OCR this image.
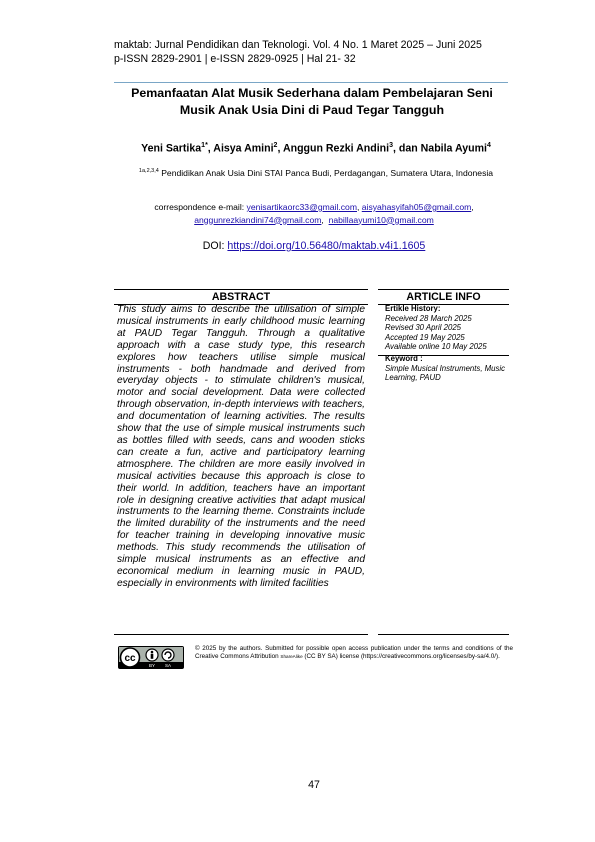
maktab: Jurnal Pendidikan dan Teknologi. Vol. 4 No. 1 Maret 2025 – Juni 2025
p-ISSN 2829-2901 | e-ISSN 2829-0925 | Hal 21- 32
Pemanfaatan Alat Musik Sederhana dalam Pembelajaran Seni
Musik Anak Usia Dini di Paud Tegar Tangguh
Yeni Sartika$^{1*}$, Aisya Amini$^2$, Anggun Rezki Andini$^3$, dan Nabila Ayumi$^4$
$^{1a,2,3,4}$ Pendidikan Anak Usia Dini STAI Panca Budi, Perdagangan, Sumatera Utara, Indonesia
correspondence e-mail: yenisartikaorc33@gmail.com, aisyahasyifah05@gmail.com,
anggunrezkiandini74@gmail.com,  nabillaayumi10@gmail.com
DOI: https://doi.org/10.56480/maktab.v4i1.1605
ABSTRACT
This study aims to describe the utilisation of simple musical instruments in early childhood music learning at PAUD Tegar Tangguh. Through a qualitative approach with a case study type, this research explores how teachers utilise simple musical instruments - both handmade and derived from everyday objects - to stimulate children's musical, motor and social development. Data were collected through observation, in-depth interviews with teachers, and documentation of learning activities. The results show that the use of simple musical instruments such as bottles filled with seeds, cans and wooden sticks can create a fun, active and participatory learning atmosphere. The children are more easily involved in musical activities because this approach is close to their world. In addition, teachers have an important role in designing creative activities that adapt musical instruments to the learning theme. Constraints include the limited durability of the instruments and the need for teacher training in developing innovative music methods. This study recommends the utilisation of simple musical instruments as an effective and economical medium in learning music in PAUD, especially in environments with limited facilities
ARTICLE INFO
Ertikle History:
Received 28 March 2025
Revised 30 April 2025
Accepted 19 May 2025
Available online 10 May 2025
Keyword :
Simple Musical Instruments, Music Learning, PAUD
cc
BY SA
© 2025 by the authors. Submitted for possible open access publication under the terms and conditions of the Creative Commons Attribution ShareAlike (CC BY SA) license (https://creativecommons.org/licenses/by-sa/4.0/).
47
